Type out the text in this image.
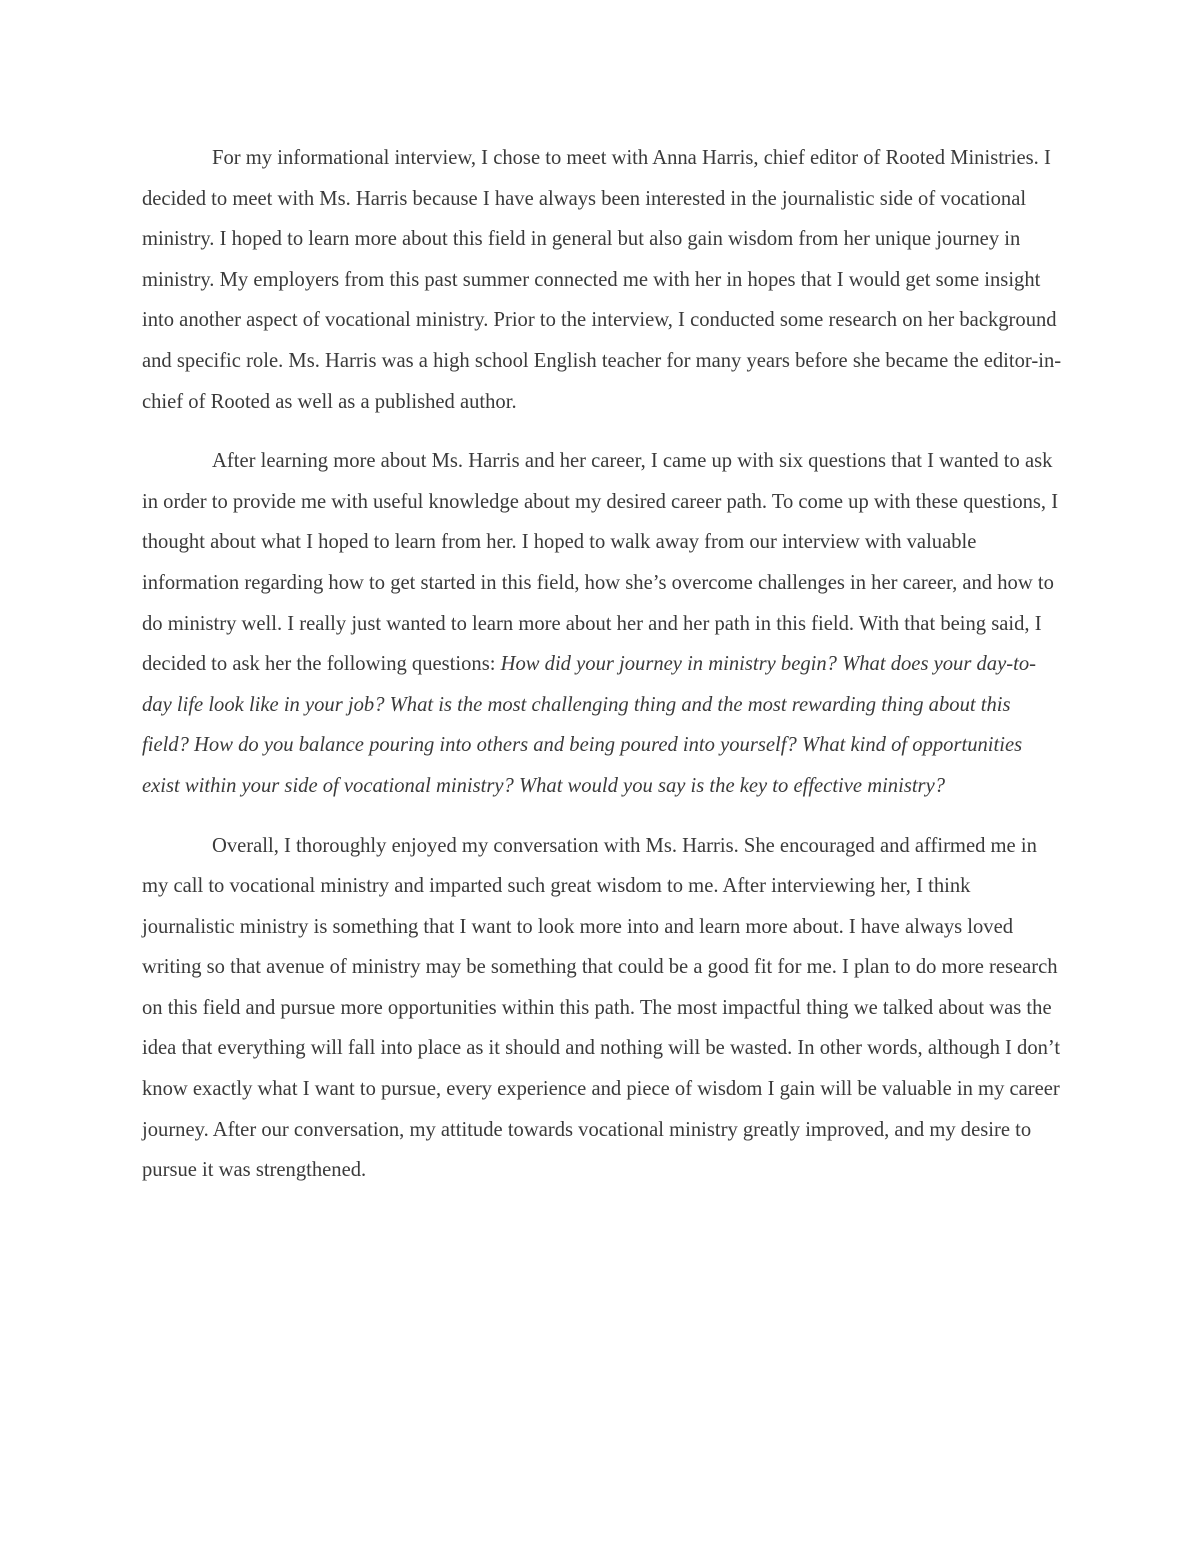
For my informational interview, I chose to meet with Anna Harris, chief editor of Rooted Ministries. I decided to meet with Ms. Harris because I have always been interested in the journalistic side of vocational ministry. I hoped to learn more about this field in general but also gain wisdom from her unique journey in ministry. My employers from this past summer connected me with her in hopes that I would get some insight into another aspect of vocational ministry. Prior to the interview, I conducted some research on her background and specific role. Ms. Harris was a high school English teacher for many years before she became the editor-in-chief of Rooted as well as a published author.

After learning more about Ms. Harris and her career, I came up with six questions that I wanted to ask in order to provide me with useful knowledge about my desired career path. To come up with these questions, I thought about what I hoped to learn from her. I hoped to walk away from our interview with valuable information regarding how to get started in this field, how she’s overcome challenges in her career, and how to do ministry well. I really just wanted to learn more about her and her path in this field. With that being said, I decided to ask her the following questions: How did your journey in ministry begin? What does your day-to-day life look like in your job? What is the most challenging thing and the most rewarding thing about this field? How do you balance pouring into others and being poured into yourself? What kind of opportunities exist within your side of vocational ministry? What would you say is the key to effective ministry?

Overall, I thoroughly enjoyed my conversation with Ms. Harris. She encouraged and affirmed me in my call to vocational ministry and imparted such great wisdom to me. After interviewing her, I think journalistic ministry is something that I want to look more into and learn more about. I have always loved writing so that avenue of ministry may be something that could be a good fit for me. I plan to do more research on this field and pursue more opportunities within this path. The most impactful thing we talked about was the idea that everything will fall into place as it should and nothing will be wasted. In other words, although I don’t know exactly what I want to pursue, every experience and piece of wisdom I gain will be valuable in my career journey. After our conversation, my attitude towards vocational ministry greatly improved, and my desire to pursue it was strengthened.
